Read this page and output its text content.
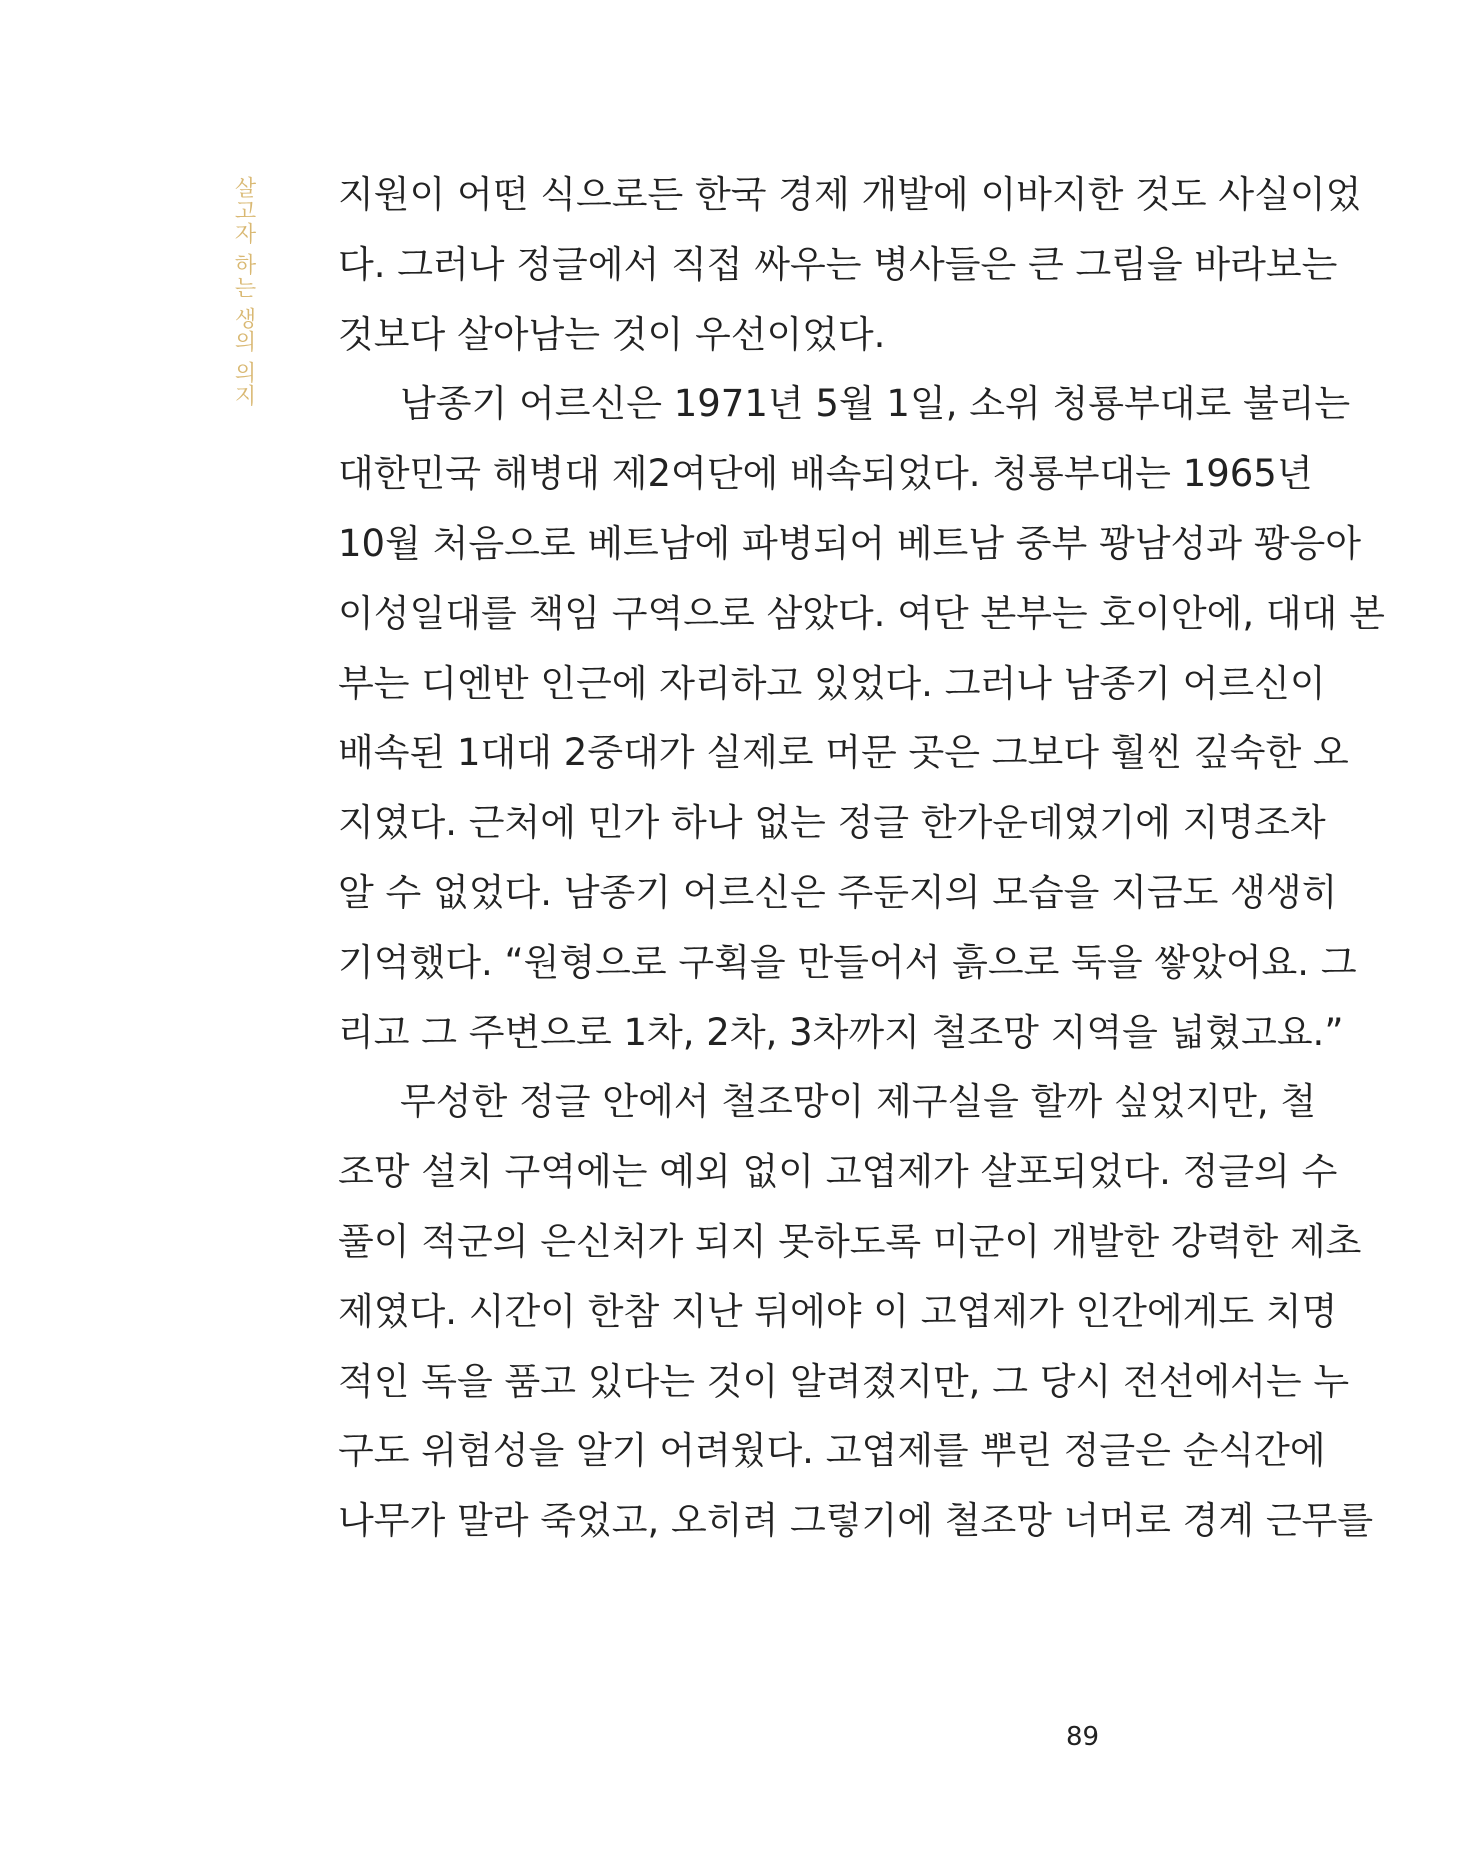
살고자 하는 생의 의지 지원이 어떤 식으로든 한국 경제 개발에 이바지한 것도 사실이었
다. 그러나 정글에서 직접 싸우는 병사들은 큰 그림을 바라보는
것보다 살아남는 것이 우선이었다.
남종기 어르신은 1971년 5월 1일, 소위 청룡부대로 불리는
대한민국 해병대 제2여단에 배속되었다. 청룡부대는 1965년
10월 처음으로 베트남에 파병되어 베트남 중부 꽝남성과 꽝응아
이성일대를 책임 구역으로 삼았다. 여단 본부는 호이안에, 대대 본
부는 디엔반 인근에 자리하고 있었다. 그러나 남종기 어르신이
배속된 1대대 2중대가 실제로 머문 곳은 그보다 훨씬 깊숙한 오
지였다. 근처에 민가 하나 없는 정글 한가운데였기에 지명조차
알 수 없었다. 남종기 어르신은 주둔지의 모습을 지금도 생생히
기억했다. “원형으로 구획을 만들어서 흙으로 둑을 쌓았어요. 그
리고 그 주변으로 1차, 2차, 3차까지 철조망 지역을 넓혔고요.”
무성한 정글 안에서 철조망이 제구실을 할까 싶었지만, 철
조망 설치 구역에는 예외 없이 고엽제가 살포되었다. 정글의 수
풀이 적군의 은신처가 되지 못하도록 미군이 개발한 강력한 제초
제였다. 시간이 한참 지난 뒤에야 이 고엽제가 인간에게도 치명
적인 독을 품고 있다는 것이 알려졌지만, 그 당시 전선에서는 누
구도 위험성을 알기 어려웠다. 고엽제를 뿌린 정글은 순식간에
나무가 말라 죽었고, 오히려 그렇기에 철조망 너머로 경계 근무를
89
